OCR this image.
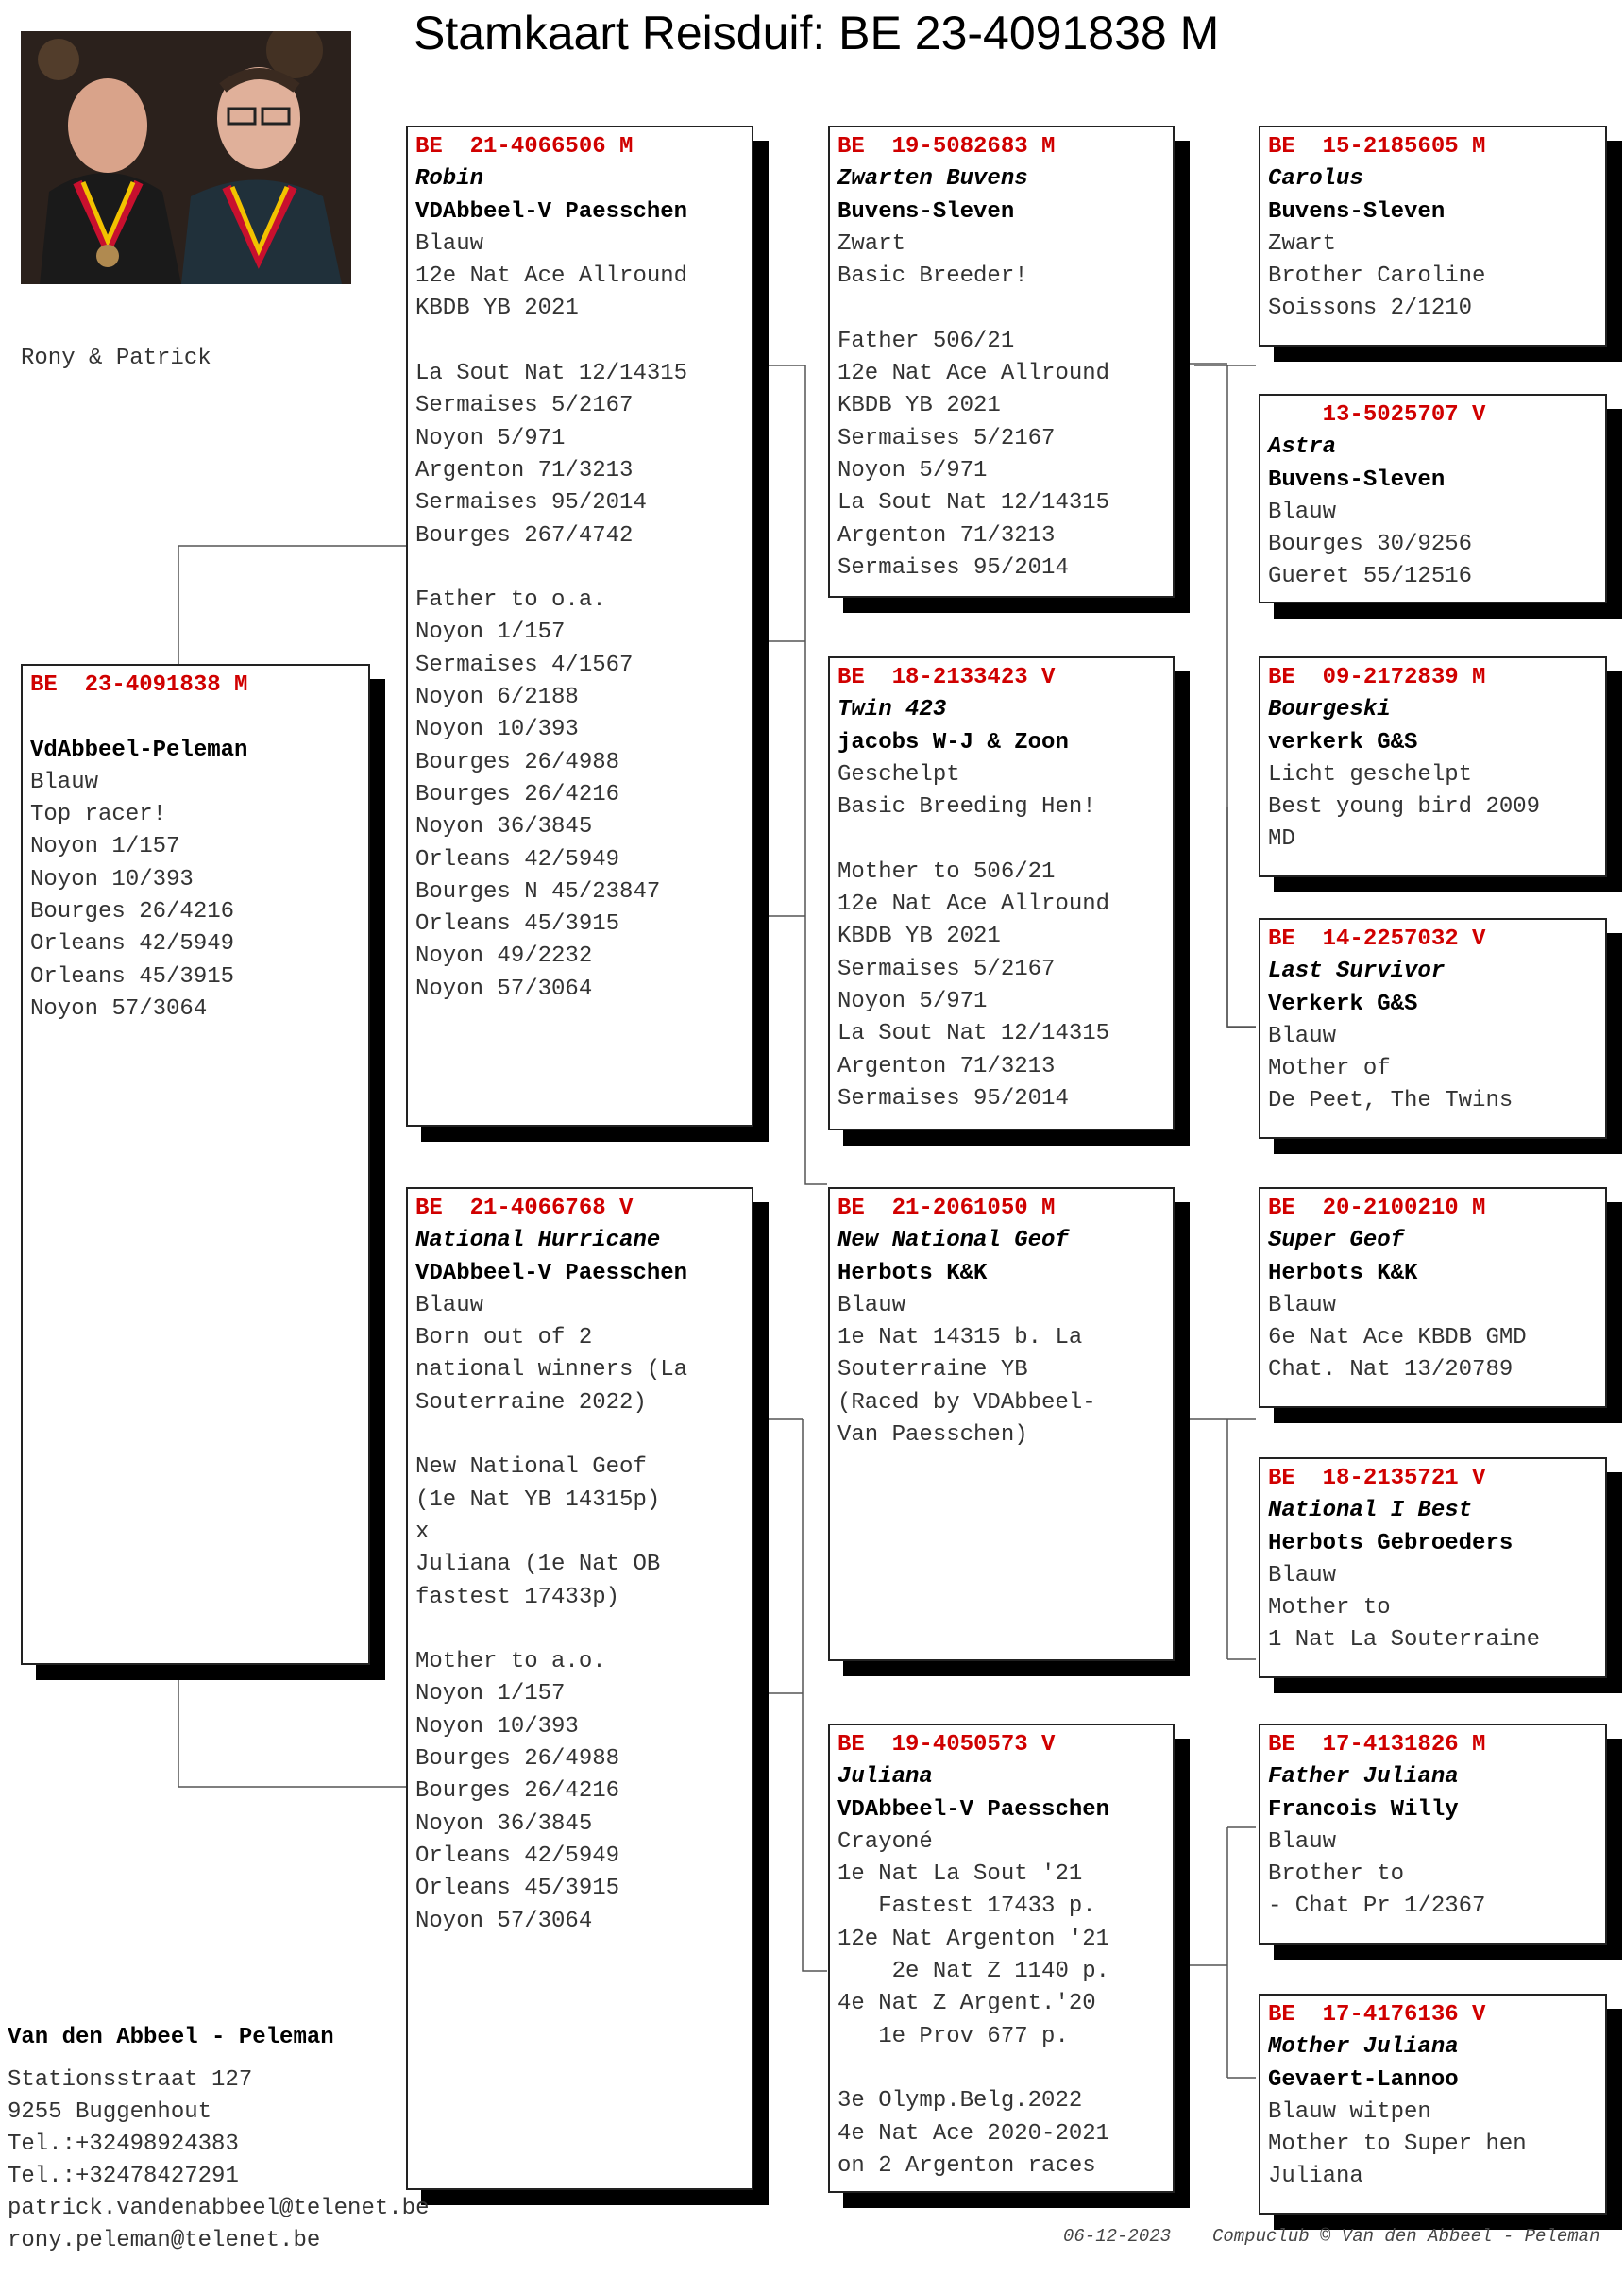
Stamkaart Reisduif: BE 23-4091838 M
Rony & Patrick
BE  23-4091838 M

VdAbbeel-Peleman
Blauw
Top racer!
Noyon 1/157
Noyon 10/393
Bourges 26/4216
Orleans 42/5949
Orleans 45/3915
Noyon 57/3064
BE  21-4066506 M
Robin
VDAbbeel-V Paesschen
Blauw
12e Nat Ace Allround
KBDB YB 2021

La Sout Nat 12/14315
Sermaises 5/2167
Noyon 5/971
Argenton 71/3213
Sermaises 95/2014
Bourges 267/4742

Father to o.a.
Noyon 1/157
Sermaises 4/1567
Noyon 6/2188
Noyon 10/393
Bourges 26/4988
Bourges 26/4216
Noyon 36/3845
Orleans 42/5949
Bourges N 45/23847
Orleans 45/3915
Noyon 49/2232
Noyon 57/3064
BE  21-4066768 V
National Hurricane
VDAbbeel-V Paesschen
Blauw
Born out of 2
national winners (La
Souterraine 2022)

New National Geof
(1e Nat YB 14315p)
x
Juliana (1e Nat OB
fastest 17433p)

Mother to a.o.
Noyon 1/157
Noyon 10/393
Bourges 26/4988
Bourges 26/4216
Noyon 36/3845
Orleans 42/5949
Orleans 45/3915
Noyon 57/3064
BE  19-5082683 M
Zwarten Buvens
Buvens-Sleven
Zwart
Basic Breeder!

Father 506/21
12e Nat Ace Allround
KBDB YB 2021
Sermaises 5/2167
Noyon 5/971
La Sout Nat 12/14315
Argenton 71/3213
Sermaises 95/2014
BE  18-2133423 V
Twin 423
jacobs W-J & Zoon
Geschelpt
Basic Breeding Hen!

Mother to 506/21
12e Nat Ace Allround
KBDB YB 2021
Sermaises 5/2167
Noyon 5/971
La Sout Nat 12/14315
Argenton 71/3213
Sermaises 95/2014
BE  21-2061050 M
New National Geof
Herbots K&K
Blauw
1e Nat 14315 b. La
Souterraine YB
(Raced by VDAbbeel-
Van Paesschen)
BE  19-4050573 V
Juliana
VDAbbeel-V Paesschen
Crayoné
1e Nat La Sout '21
Fastest 17433 p.
12e Nat Argenton '21
2e Nat Z 1140 p.
4e Nat Z Argent.'20
1e Prov 677 p.

3e Olymp.Belg.2022
4e Nat Ace 2020-2021
on 2 Argenton races
BE  15-2185605 M
Carolus
Buvens-Sleven
Zwart
Brother Caroline
Soissons 2/1210
13-5025707 V
Astra
Buvens-Sleven
Blauw
Bourges 30/9256
Gueret 55/12516
BE  09-2172839 M
Bourgeski
verkerk G&S
Licht geschelpt
Best young bird 2009
MD
BE  14-2257032 V
Last Survivor
Verkerk G&S
Blauw
Mother of
De Peet, The Twins
BE  20-2100210 M
Super Geof
Herbots K&K
Blauw
6e Nat Ace KBDB GMD
Chat. Nat 13/20789
BE  18-2135721 V
National I Best
Herbots Gebroeders
Blauw
Mother to
1 Nat La Souterraine
BE  17-4131826 M
Father Juliana
Francois Willy
Blauw
Brother to
- Chat Pr 1/2367
BE  17-4176136 V
Mother Juliana
Gevaert-Lannoo
Blauw witpen
Mother to Super hen
Juliana
Van den Abbeel - Peleman
Stationsstraat 127
9255 Buggenhout
Tel.:+32498924383
Tel.:+32478427291
patrick.vandenabbeel@telenet.be
rony.peleman@telenet.be	06-12-2023 Compuclub © Van den Abbeel - Peleman
